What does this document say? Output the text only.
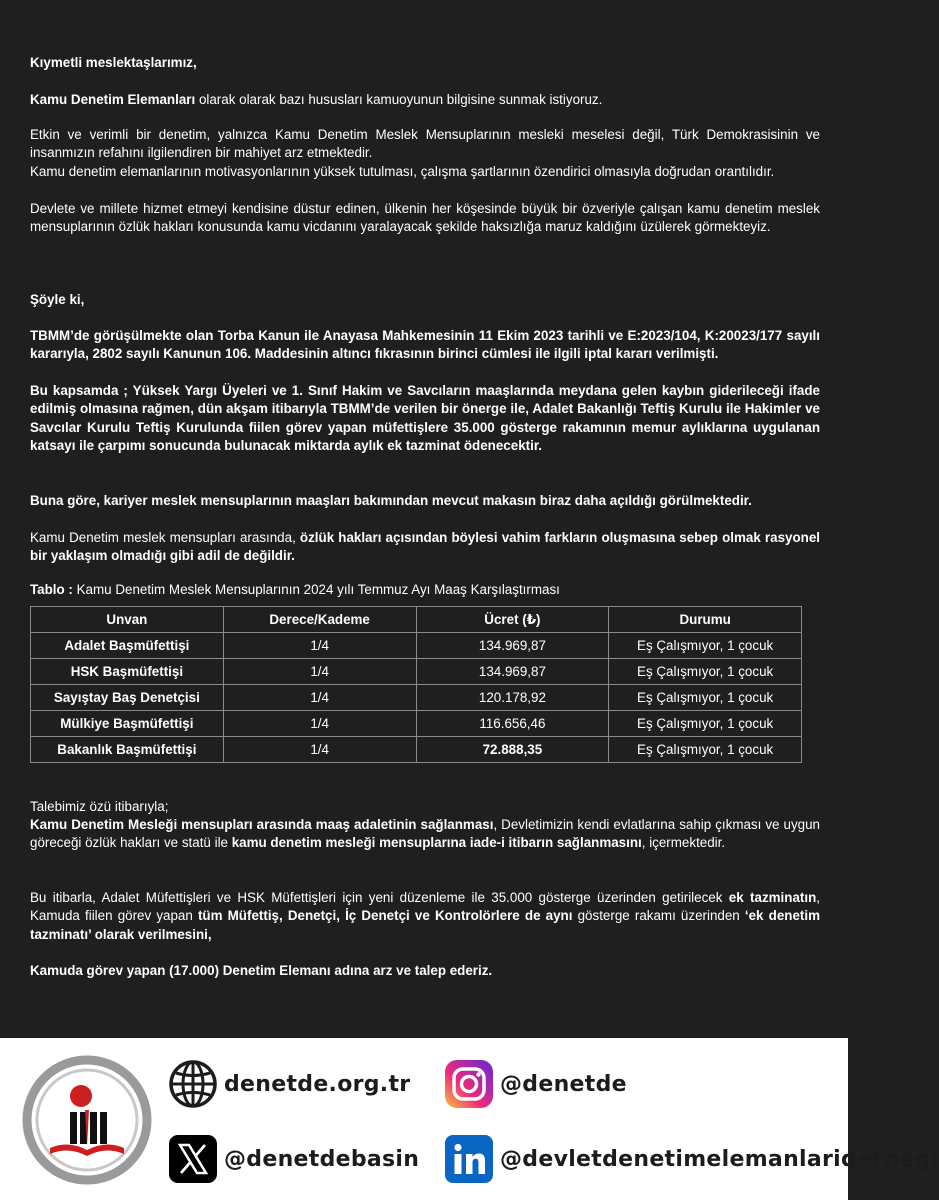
Kıymetli meslektaşlarımız,

Kamu Denetim Elemanları olarak olarak bazı hususları kamuoyunun bilgisine sunmak istiyoruz.

Etkin ve verimli bir denetim, yalnızca Kamu Denetim Meslek Mensuplarının mesleki meselesi değil, Türk Demokrasisinin ve insanmızın refahını ilgilendiren bir mahiyet arz etmektedir.

Kamu denetim elemanlarının motivasyonlarının yüksek tutulması, çalışma şartlarının özendirici olmasıyla doğrudan orantılıdır.

Devlete ve millete hizmet etmeyi kendisine düstur edinen, ülkenin her köşesinde büyük bir özveriyle çalışan kamu denetim meslek mensuplarının özlük hakları konusunda kamu vicdanını yaralayacak şekilde haksızlığa maruz kaldığını üzülerek görmekteyiz.

Şöyle ki,

TBMM’de görüşülmekte olan Torba Kanun ile Anayasa Mahkemesinin 11 Ekim 2023 tarihli ve E:2023/104, K:20023/177 sayılı kararıyla, 2802 sayılı Kanunun 106. Maddesinin altıncı fıkrasının birinci cümlesi ile ilgili iptal kararı verilmişti.

Bu kapsamda ; Yüksek Yargı Üyeleri ve 1. Sınıf Hakim ve Savcıların maaşlarında meydana gelen kaybın giderileceği ifade edilmiş olmasına rağmen, dün akşam itibarıyla TBMM’de verilen bir önerge ile, Adalet Bakanlığı Teftiş Kurulu ile Hakimler ve Savcılar Kurulu Teftiş Kurulunda fiilen görev yapan müfettişlere 35.000 gösterge rakamının memur aylıklarına uygulanan katsayı ile çarpımı sonucunda bulunacak miktarda aylık ek tazminat ödenecektir.

Buna göre, kariyer meslek mensuplarının maaşları bakımından mevcut makasın biraz daha açıldığı görülmektedir.

Kamu Denetim meslek mensupları arasında, özlük hakları açısından böylesi vahim farkların oluşmasına sebep olmak rasyonel bir yaklaşım olmadığı gibi adil de değildir.

Tablo : Kamu Denetim Meslek Mensuplarının 2024 yılı Temmuz Ayı Maaş Karşılaştırması
Unvan	Derece/Kademe	Ücret (₺)	Durumu
Adalet Başmüfettişi	1/4	134.969,87	Eş Çalışmıyor, 1 çocuk
HSK Başmüfettişi	1/4	134.969,87	Eş Çalışmıyor, 1 çocuk
Sayıştay Baş Denetçisi	1/4	120.178,92	Eş Çalışmıyor, 1 çocuk
Mülkiye Başmüfettişi	1/4	116.656,46	Eş Çalışmıyor, 1 çocuk
Bakanlık Başmüfettişi	1/4	72.888,35	Eş Çalışmıyor, 1 çocuk

Talebimiz özü itibarıyla;

Kamu Denetim Mesleği mensupları arasında maaş adaletinin sağlanması, Devletimizin kendi evlatlarına sahip çıkması ve uygun göreceği özlük hakları ve statü ile kamu denetim mesleği mensuplarına iade-i itibarın sağlanmasını, içermektedir.

Bu itibarla, Adalet Müfettişleri ve HSK Müfettişleri için yeni düzenleme ile 35.000 gösterge üzerinden getirilecek ek tazminatın, Kamuda fiilen görev yapan tüm Müfettiş, Denetçi, İç Denetçi ve Kontrolörlere de aynı gösterge rakamı üzerinden ‘ek denetim tazminatı’ olarak verilmesini,

Kamuda görev yapan (17.000) Denetim Elemanı adına arz ve talep ederiz.

denetde.org.tr	@denetde
@denetdebasin	@devletdenetimelemanlaridernegi
